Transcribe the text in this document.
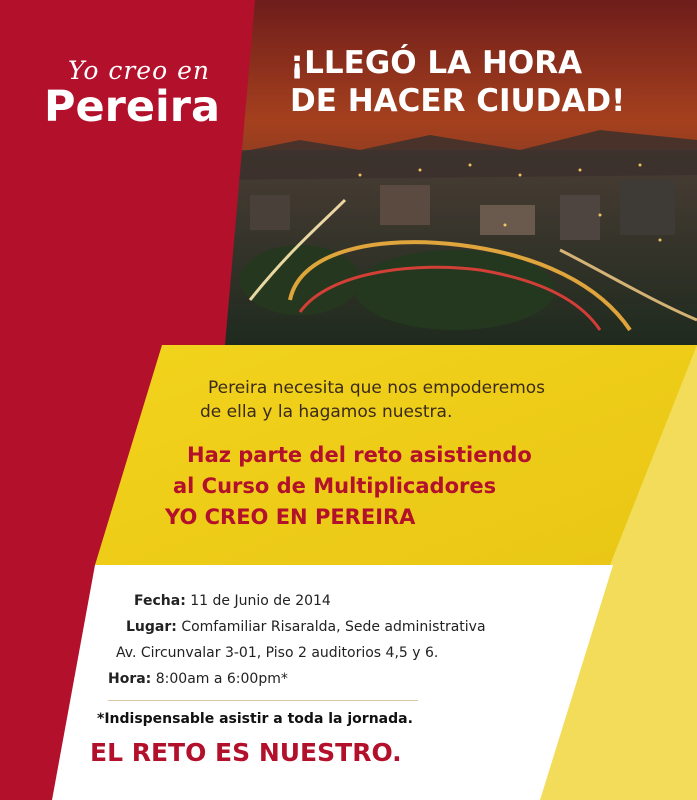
Yo creo en
Pereira
¡LLEGÓ LA HORA
DE HACER CIUDAD!
Pereira necesita que nos empoderemos
de ella y la hagamos nuestra.
Haz parte del reto asistiendo
al Curso de Multiplicadores
YO CREO EN PEREIRA
Fecha: 11 de Junio de 2014
Lugar: Comfamiliar Risaralda, Sede administrativa
Av. Circunvalar 3-01, Piso 2 auditorios 4,5 y 6.
Hora: 8:00am a 6:00pm*
*Indispensable asistir a toda la jornada.
EL RETO ES NUESTRO.
